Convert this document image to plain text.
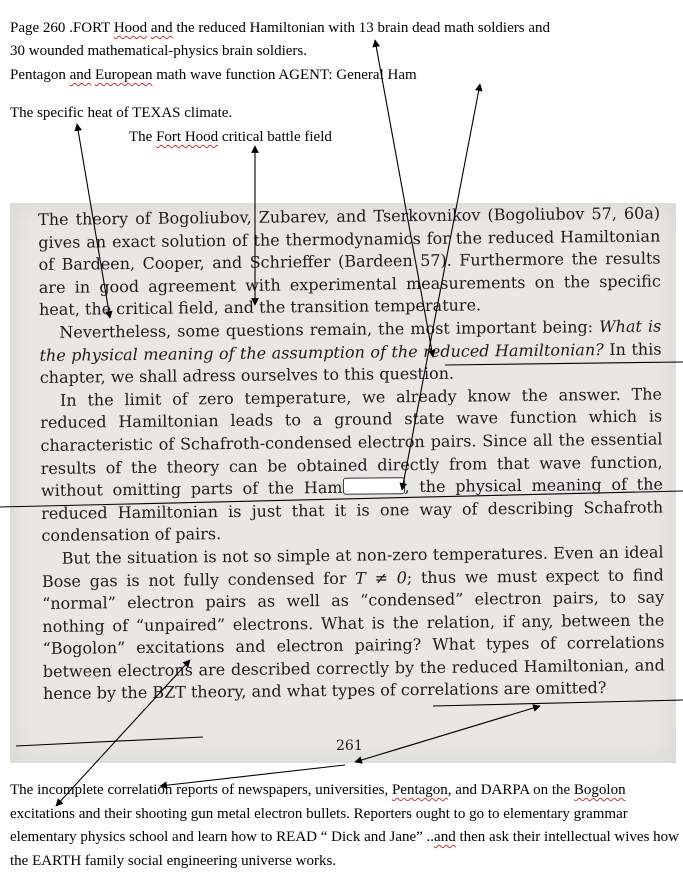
Page 260 .FORT Hood and the reduced Hamiltonian with 13 brain dead math soldiers and
30 wounded mathematical-physics brain soldiers.
Pentagon and European math wave function AGENT: General Ham
The specific heat of TEXAS climate.
The Fort Hood critical battle field

The theory of Bogoliubov, Zubarev, and Tserkovnikov (Bogoliubov 57, 60a) gives an exact solution of the thermodynamics for the reduced Hamiltonian of Bardeen, Cooper, and Schrieffer (Bardeen 57). Furthermore the results are in good agreement with experimental measurements on the specific heat, the critical field, and the transition temperature.

Nevertheless, some questions remain, the most important being: What is the physical meaning of the assumption of the reduced Hamiltonian? In this chapter, we shall adress ourselves to this question.

In the limit of zero temperature, we already know the answer. The reduced Hamiltonian leads to a ground state wave function which is characteristic of Schafroth-condensed electron pairs. Since all the essential results of the theory can be obtained directly from that wave function, without omitting parts of the Ham	, the physical meaning of the reduced Hamiltonian is just that it is one way of describing Schafroth condensation of pairs.

But the situation is not so simple at non-zero temperatures. Even an ideal Bose gas is not fully condensed for T ≠ 0; thus we must expect to find “normal” electron pairs as well as “condensed” electron pairs, to say nothing of “unpaired” electrons. What is the relation, if any, between the “Bogolon” excitations and electron pairing? What types of correlations between electrons are described correctly by the reduced Hamiltonian, and hence by the BZT theory, and what types of correlations are omitted?

261
The incomplete correlation reports of newspapers, universities, Pentagon, and DARPA on the Bogolon excitations and their shooting gun metal electron bullets. Reporters ought to go to elementary grammar elementary physics school and learn how to READ “ Dick and Jane” ..and then ask their intellectual wives how the EARTH family social engineering universe works.
